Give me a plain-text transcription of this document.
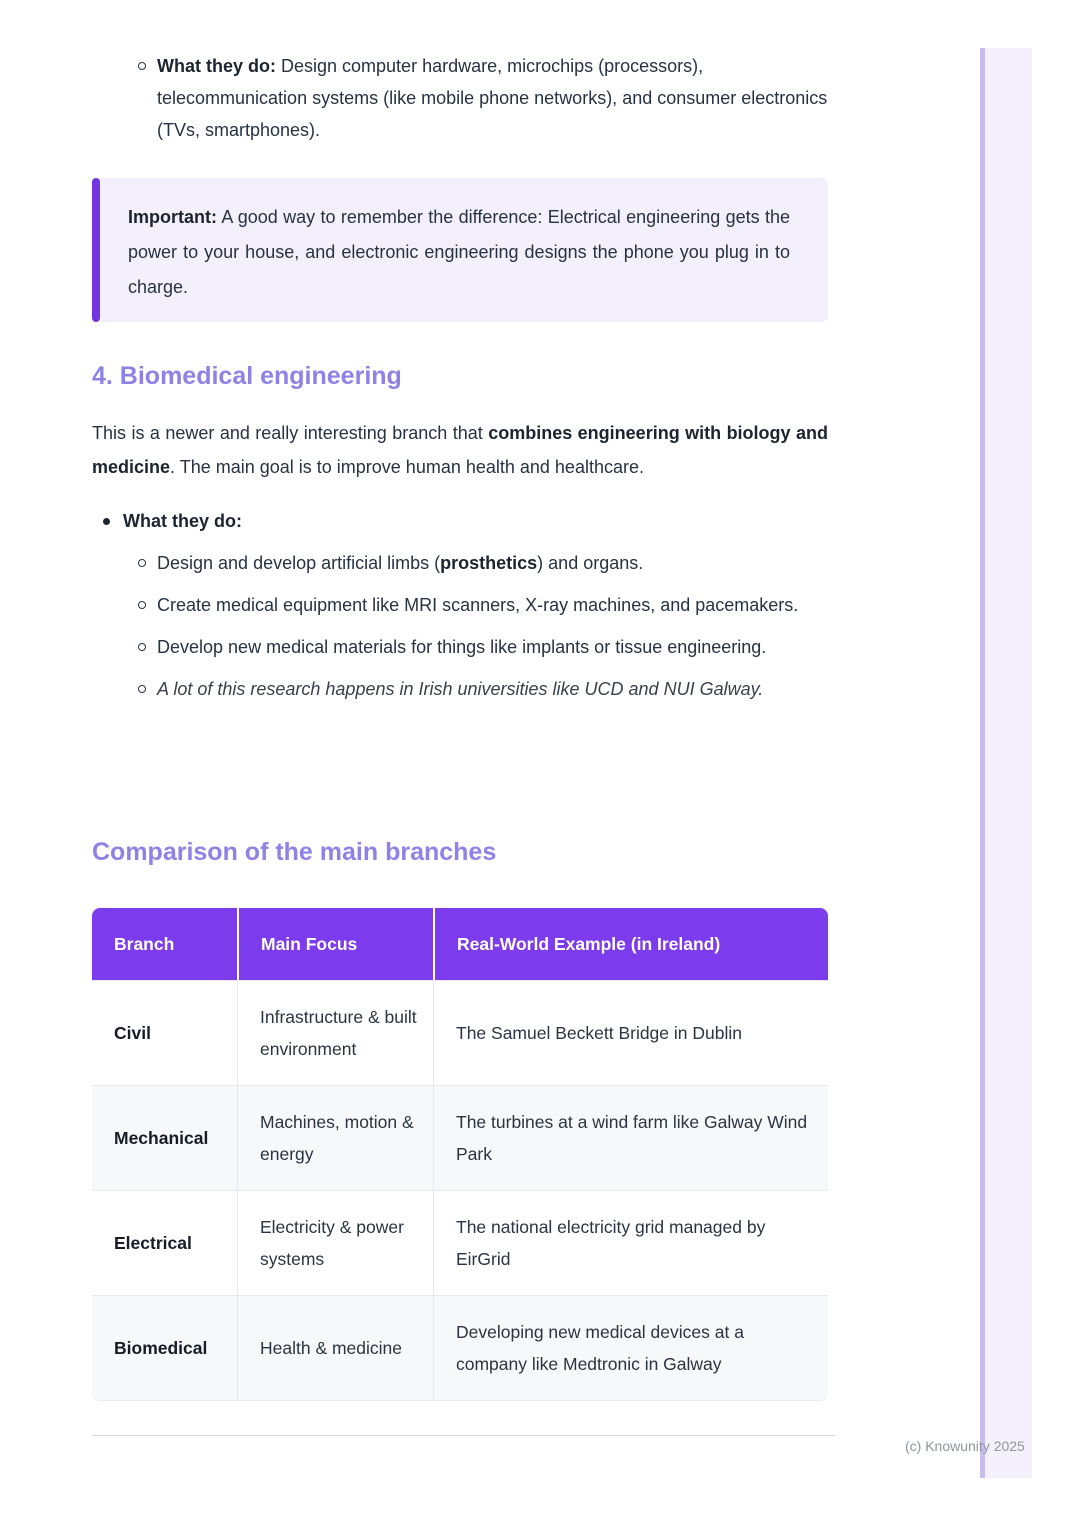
What they do: Design computer hardware, microchips (processors), telecommunication systems (like mobile phone networks), and consumer electronics (TVs, smartphones).

Important: A good way to remember the difference: Electrical engineering gets the power to your house, and electronic engineering designs the phone you plug in to charge.

4. Biomedical engineering

This is a newer and really interesting branch that combines engineering with biology and medicine. The main goal is to improve human health and healthcare.

What they do:
Design and develop artificial limbs (prosthetics) and organs.
Create medical equipment like MRI scanners, X-ray machines, and pacemakers.
Develop new medical materials for things like implants or tissue engineering.
A lot of this research happens in Irish universities like UCD and NUI Galway.
Comparison of the main branches
Branch	Main Focus	Real-World Example (in Ireland)
Civil	Infrastructure & built environment	The Samuel Beckett Bridge in Dublin
Mechanical	Machines, motion & energy	The turbines at a wind farm like Galway Wind Park
Electrical	Electricity & power systems	The national electricity grid managed by EirGrid
Biomedical	Health & medicine	Developing new medical devices at a company like Medtronic in Galway
(c) Knowunity 2025
